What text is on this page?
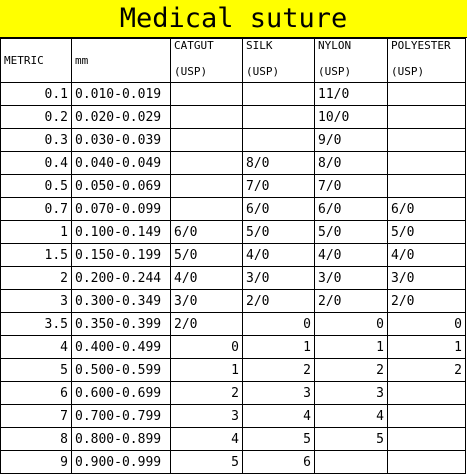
Medical suture
METRIC	mm	CATGUT	SILK	NYLON	POLYESTER
		(USP)	(USP)	(USP)	(USP)
0.1	0.010-0.019			11/0	
0.2	0.020-0.029			10/0	
0.3	0.030-0.039			9/0	
0.4	0.040-0.049		8/0	8/0	
0.5	0.050-0.069		7/0	7/0	
0.7	0.070-0.099		6/0	6/0	6/0
1	0.100-0.149	6/0	5/0	5/0	5/0
1.5	0.150-0.199	5/0	4/0	4/0	4/0
2	0.200-0.244	4/0	3/0	3/0	3/0
3	0.300-0.349	3/0	2/0	2/0	2/0
3.5	0.350-0.399	2/0	0	0	0
4	0.400-0.499	0	1	1	1
5	0.500-0.599	1	2	2	2
6	0.600-0.699	2	3	3	
7	0.700-0.799	3	4	4	
8	0.800-0.899	4	5	5	
9	0.900-0.999	5	6		
